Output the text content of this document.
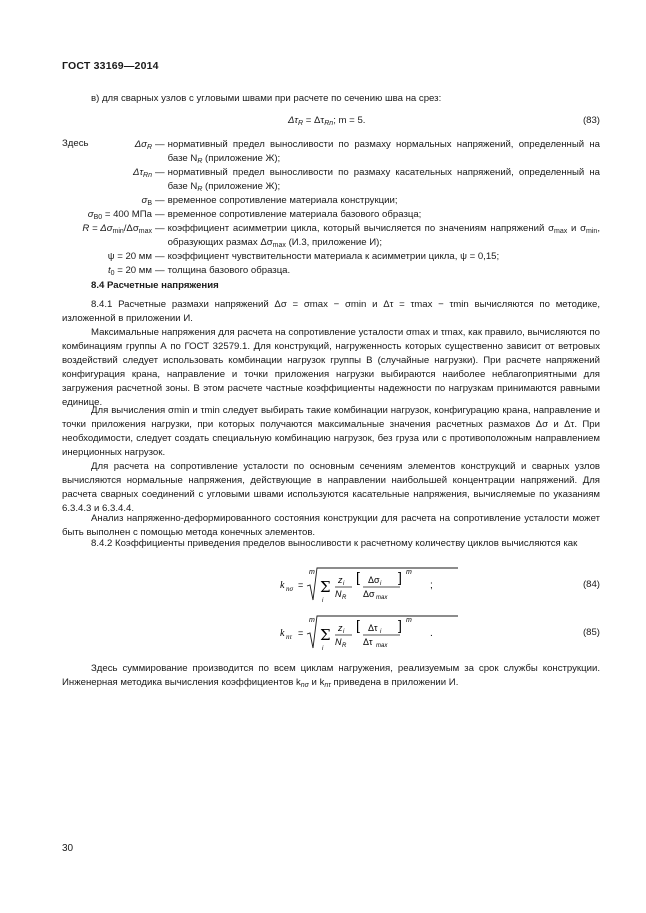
ГОСТ 33169—2014
в) для сварных узлов с угловыми швами при расчете по сечению шва на срез:
$\Delta\tau_R = \Delta\tau_{Rn}$; m = 5.	(83)
Здесь	$\Delta\sigma_R$ — нормативный предел выносливости по размаху нормальных напряжений, определенный на базе $N_R$ (приложение Ж);
$\Delta\tau_{Rn}$ — нормативный предел выносливости по размаху касательных напряжений, определенный на базе $N_R$ (приложение Ж);
$\sigma_B$ — временное сопротивление материала конструкции;
$\sigma_{B0} = 400$ МПа — временное сопротивление материала базового образца;
$R = \Delta\sigma_{min}/\Delta\sigma_{max}$ — коэффициент асимметрии цикла, который вычисляется по значениям напряжений $\sigma_{max}$ и $\sigma_{min}$, образующих размах $\Delta\sigma_{max}$ (И.3, приложение И);
ψ = 20 мм — коэффициент чувствительности материала к асимметрии цикла, ψ = 0,15;
$t_0 = 20$ мм — толщина базового образца.
8.4 Расчетные напряжения
8.4.1 Расчетные размахи напряжений Δσ = σmax − σmin и Δτ = τmax − τmin вычисляются по методике, изложенной в приложении И.
Максимальные напряжения для расчета на сопротивление усталости σmax и τmax, как правило, вычисляются по комбинациям группы А по ГОСТ 32579.1. Для конструкций, нагруженность которых существенно зависит от ветровых воздействий следует использовать комбинации нагрузок группы В (случайные нагрузки). При расчете напряжений конфигурация крана, направление и точки приложения нагрузки выбираются наиболее неблагоприятными для загружения расчетной зоны. В этом расчете частные коэффициенты надежности по нагрузкам принимаются равными единице.
Для вычисления σmin и τmin следует выбирать такие комбинации нагрузок, конфигурацию крана, направление и точки приложения нагрузки, при которых получаются максимальные значения расчетных размахов Δσ и Δτ. При необходимости, следует создать специальную комбинацию нагрузок, без груза или с противоположным направлением инерционных нагрузок.
Для расчета на сопротивление усталости по основным сечениям элементов конструкций и сварных узлов вычисляются нормальные напряжения, действующие в направлении наибольшей концентрации напряжений. Для расчета сварных соединений с угловыми швами используются касательные напряжения, вычисляемые по указаниям 6.3.4.3 и 6.3.4.4.
Анализ напряженно-деформированного состояния конструкции для расчета на сопротивление усталости может быть выполнен с помощью метода конечных элементов.
8.4.2 Коэффициенты приведения пределов выносливости к расчетному количеству циклов вычисляются как
k nσ =
m
Σ
i
z i
N R
[ Δσ i
Δσ max
] m
;	(84)
k nτ =
m
Σ
i
z i
N R
[ Δτ i
Δτ max
] m
.	(85)
Здесь суммирование производится по всем циклам нагружения, реализуемым за срок службы конструкции. Инженерная методика вычисления коэффициентов $k_{n\sigma}$ и $k_{n\tau}$ приведена в приложении И.
30
